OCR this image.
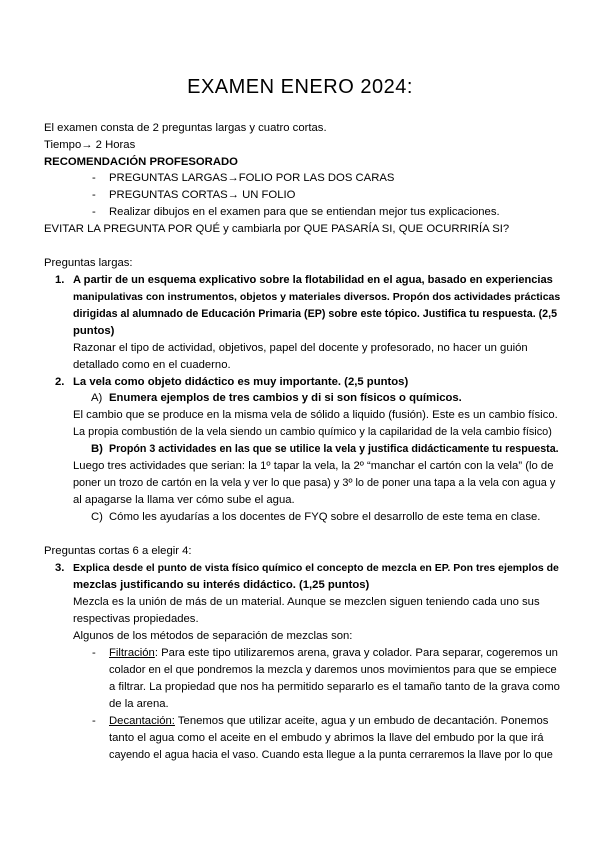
EXAMEN ENERO 2024:

El examen consta de 2 preguntas largas y cuatro cortas.

Tiempo→ 2 Horas

RECOMENDACIÓN PROFESORADO

- PREGUNTAS LARGAS→FOLIO POR LAS DOS CARAS

- PREGUNTAS CORTAS→ UN FOLIO

- Realizar dibujos en el examen para que se entiendan mejor tus explicaciones.

EVITAR LA PREGUNTA POR QUÉ y cambiarla por QUE PASARÍA SI, QUE OCURRIRÍA SI?

Preguntas largas:

1. A partir de un esquema explicativo sobre la flotabilidad en el agua, basado en experiencias

manipulativas con instrumentos, objetos y materiales diversos. Propón dos actividades prácticas

dirigidas al alumnado de Educación Primaria (EP) sobre este tópico. Justifica tu respuesta. (2,5

puntos)

Razonar el tipo de actividad, objetivos, papel del docente y profesorado, no hacer un guión

detallado como en el cuaderno.

2. La vela como objeto didáctico es muy importante. (2,5 puntos)

A) Enumera ejemplos de tres cambios y di si son físicos o químicos.

El cambio que se produce en la misma vela de sólido a liquido (fusión). Este es un cambio físico.

La propia combustión de la vela siendo un cambio químico y la capilaridad de la vela cambio físico)

B) Propón 3 actividades en las que se utilice la vela y justifica didácticamente tu respuesta.

Luego tres actividades que serian: la 1º tapar la vela, la 2º “manchar el cartón con la vela” (lo de

poner un trozo de cartón en la vela y ver lo que pasa) y 3º lo de poner una tapa a la vela con agua y

al apagarse la llama ver cómo sube el agua.

C) Cómo les ayudarías a los docentes de FYQ sobre el desarrollo de este tema en clase.

Preguntas cortas 6 a elegir 4:

3. Explica desde el punto de vista físico químico el concepto de mezcla en EP. Pon tres ejemplos de

mezclas justificando su interés didáctico. (1,25 puntos)

Mezcla es la unión de más de un material. Aunque se mezclen siguen teniendo cada uno sus

respectivas propiedades.

Algunos de los métodos de separación de mezclas son:

- Filtración: Para este tipo utilizaremos arena, grava y colador. Para separar, cogeremos un

colador en el que pondremos la mezcla y daremos unos movimientos para que se empiece

a filtrar. La propiedad que nos ha permitido separarlo es el tamaño tanto de la grava como

de la arena.

- Decantación: Tenemos que utilizar aceite, agua y un embudo de decantación. Ponemos

tanto el agua como el aceite en el embudo y abrimos la llave del embudo por la que irá

cayendo el agua hacia el vaso. Cuando esta llegue a la punta cerraremos la llave por lo que
